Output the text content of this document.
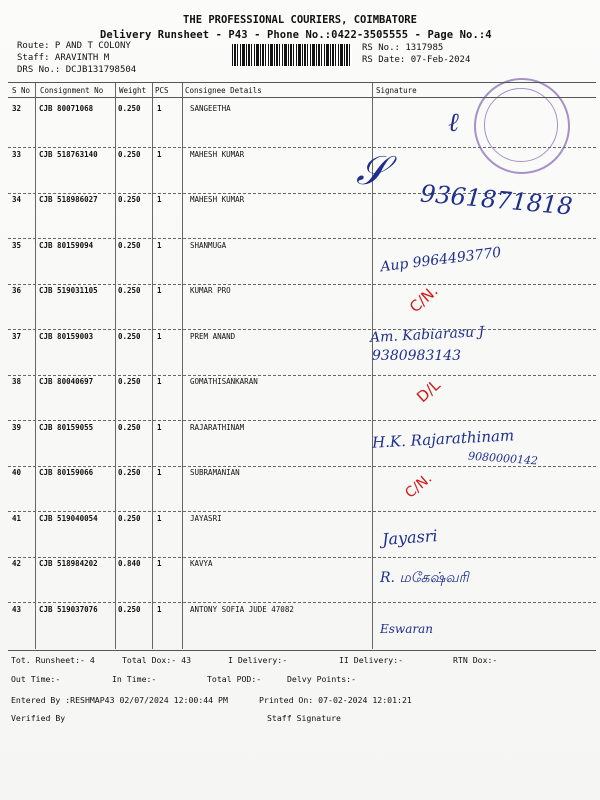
THE PROFESSIONAL COURIERS, COIMBATORE
Delivery Runsheet - P43 - Phone No.:0422-3505555 - Page No.:4
Route: P AND T COLONY
Staff: ARAVINTH M
DRS No.: DCJB131798504
RS No.: 1317985
RS Date: 07-Feb-2024
S No Consignment No Weight PCS Consignee Details	Signature
32 CJB 80071068	0.250 1	SANGEETHA
33 CJB 518763140	0.250 1	MAHESH KUMAR
34 CJB 518986027	0.250 1	MAHESH KUMAR
35 CJB 80159094	0.250 1	SHANMUGA
36 CJB 519031105	0.250 1	KUMAR PRO
37 CJB 80159003	0.250 1	PREM ANAND
38 CJB 80040697	0.250 1	GOMATHISANKARAN
39 CJB 80159055	0.250 1	RAJARATHINAM
40 CJB 80159066	0.250 1	SUBRAMANIAN
41 CJB 519040054	0.250 1	JAYASRI
42 CJB 518984202	0.840 1	KAVYA
43 CJB 519037076	0.250 1	ANTONY SOFIA JUDE 47082
ℓ
𝒮
9361871818
Aup 9964493770
C/N.
Am. Kabiarasu J
9380983143
D/L
H.K. Rajarathinam
9080000142
C/N.
Jayasri
R. மகேஷ்வரி
Eswaran
Tot. Runsheet:- 4	Total Dox:- 43	I Delivery:-	II Delivery:-	RTN Dox:-
Out Time:-	In Time:-	Total POD:-	Delvy Points:-
Entered By :RESHMAP43 02/07/2024 12:00:44 PM	Printed On: 07-02-2024 12:01:21
Verified By	Staff Signature
